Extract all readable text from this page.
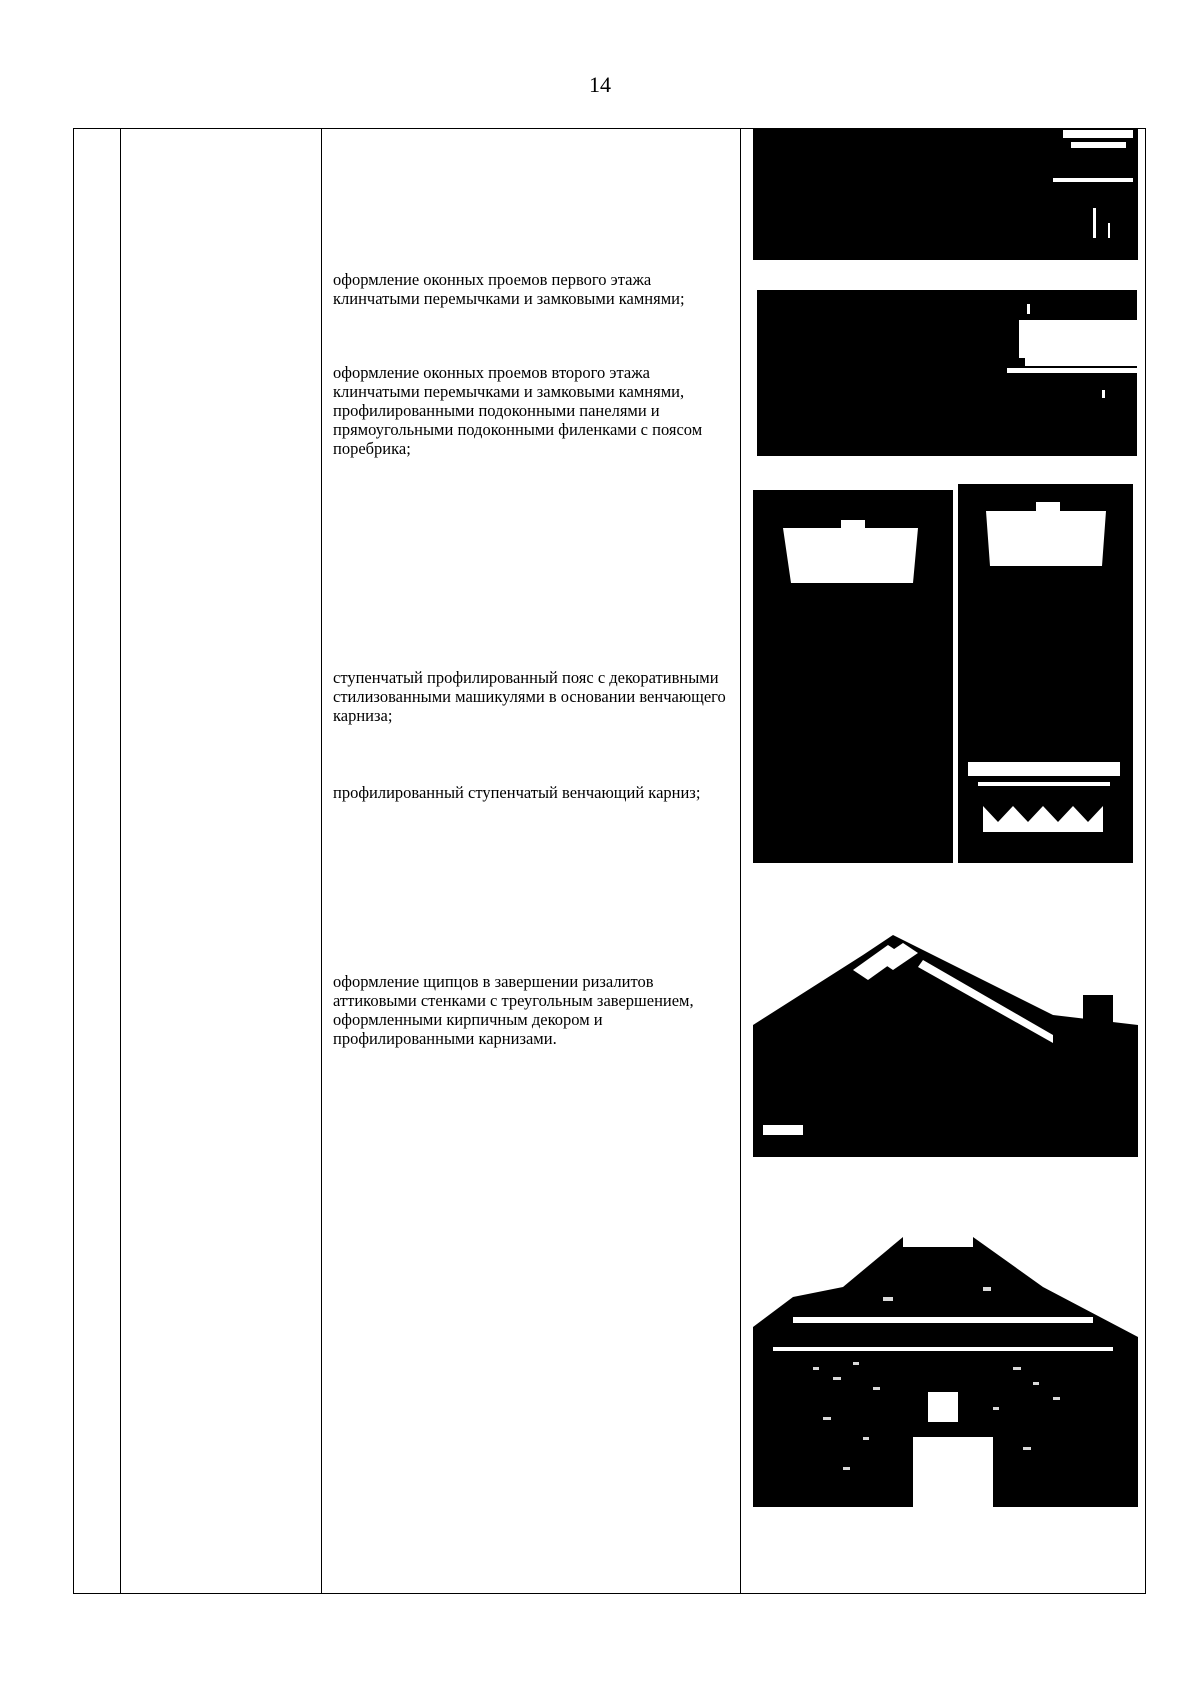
14

оформление оконных проемов первого этажа клинчатыми перемычками и замковыми камнями;

оформление оконных проемов второго этажа клинчатыми перемычками и замковыми камнями, профилированными подоконными панелями и прямоугольными подоконными филенками с поясом поребрика;

ступенчатый профилированный пояс с декоративными стилизованными машикулями в основании венчающего карниза;

профилированный ступенчатый венчающий карниз;

оформление щипцов в завершении ризалитов аттиковыми стенками с треугольным завершением, оформленными кирпичным декором и профилированными карнизами.
